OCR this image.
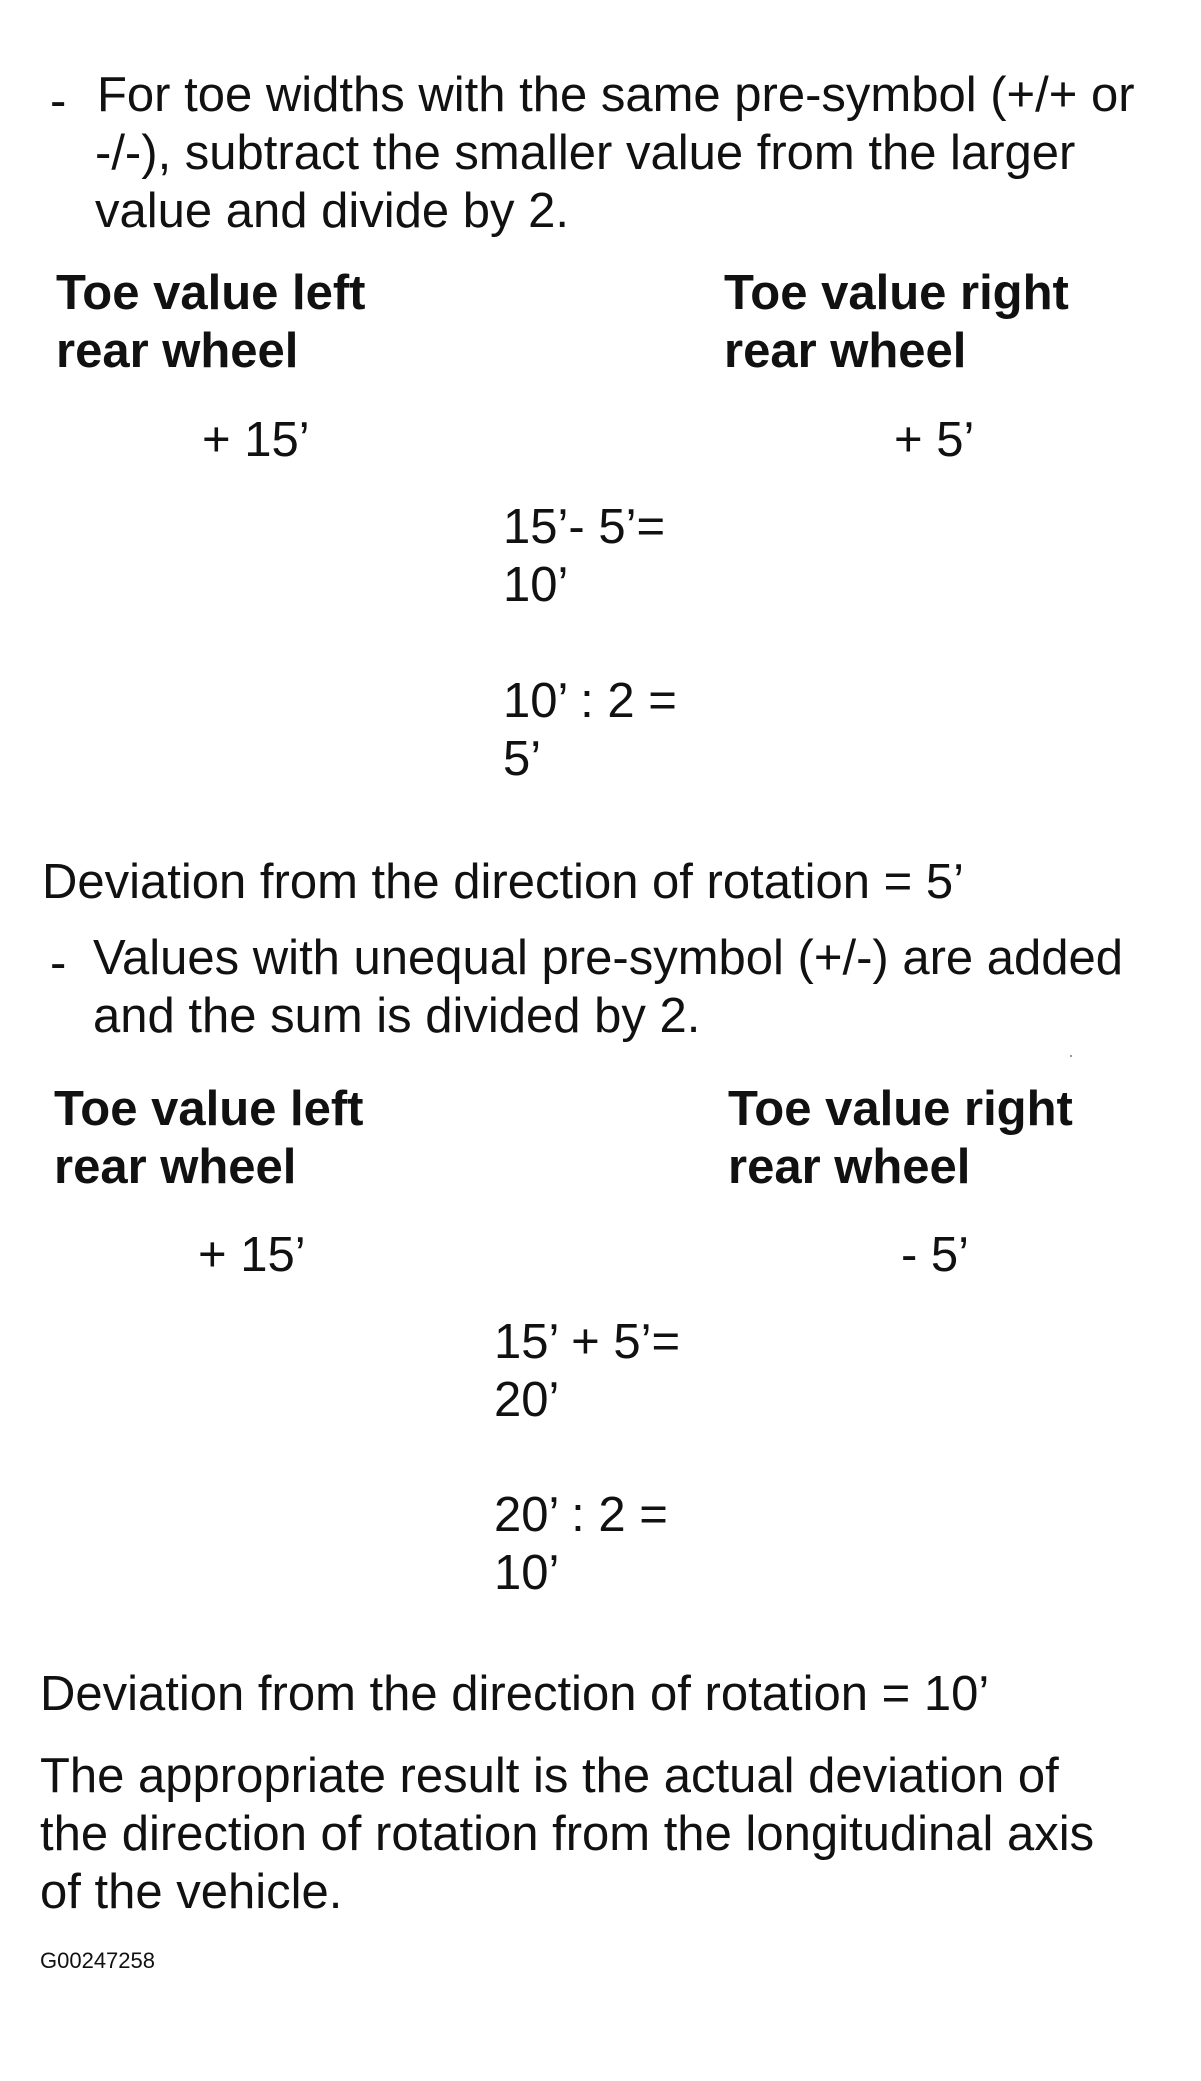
- For toe widths with the same pre-symbol (+/+ or

-/-), subtract the smaller value from the larger

value and divide by 2.

Toe value left

rear wheel

Toe value right

rear wheel

+ 15’	+ 5’

15’- 5’=

10’

10’ : 2 =

5’

Deviation from the direction of rotation = 5’

- Values with unequal pre-symbol (+/-) are added

and the sum is divided by 2.

Toe value left

rear wheel

Toe value right

rear wheel

+ 15’	- 5’

15’ + 5’=

20’

20’ : 2 =

10’

Deviation from the direction of rotation = 10’

The appropriate result is the actual deviation of

the direction of rotation from the longitudinal axis

of the vehicle.

G00247258
